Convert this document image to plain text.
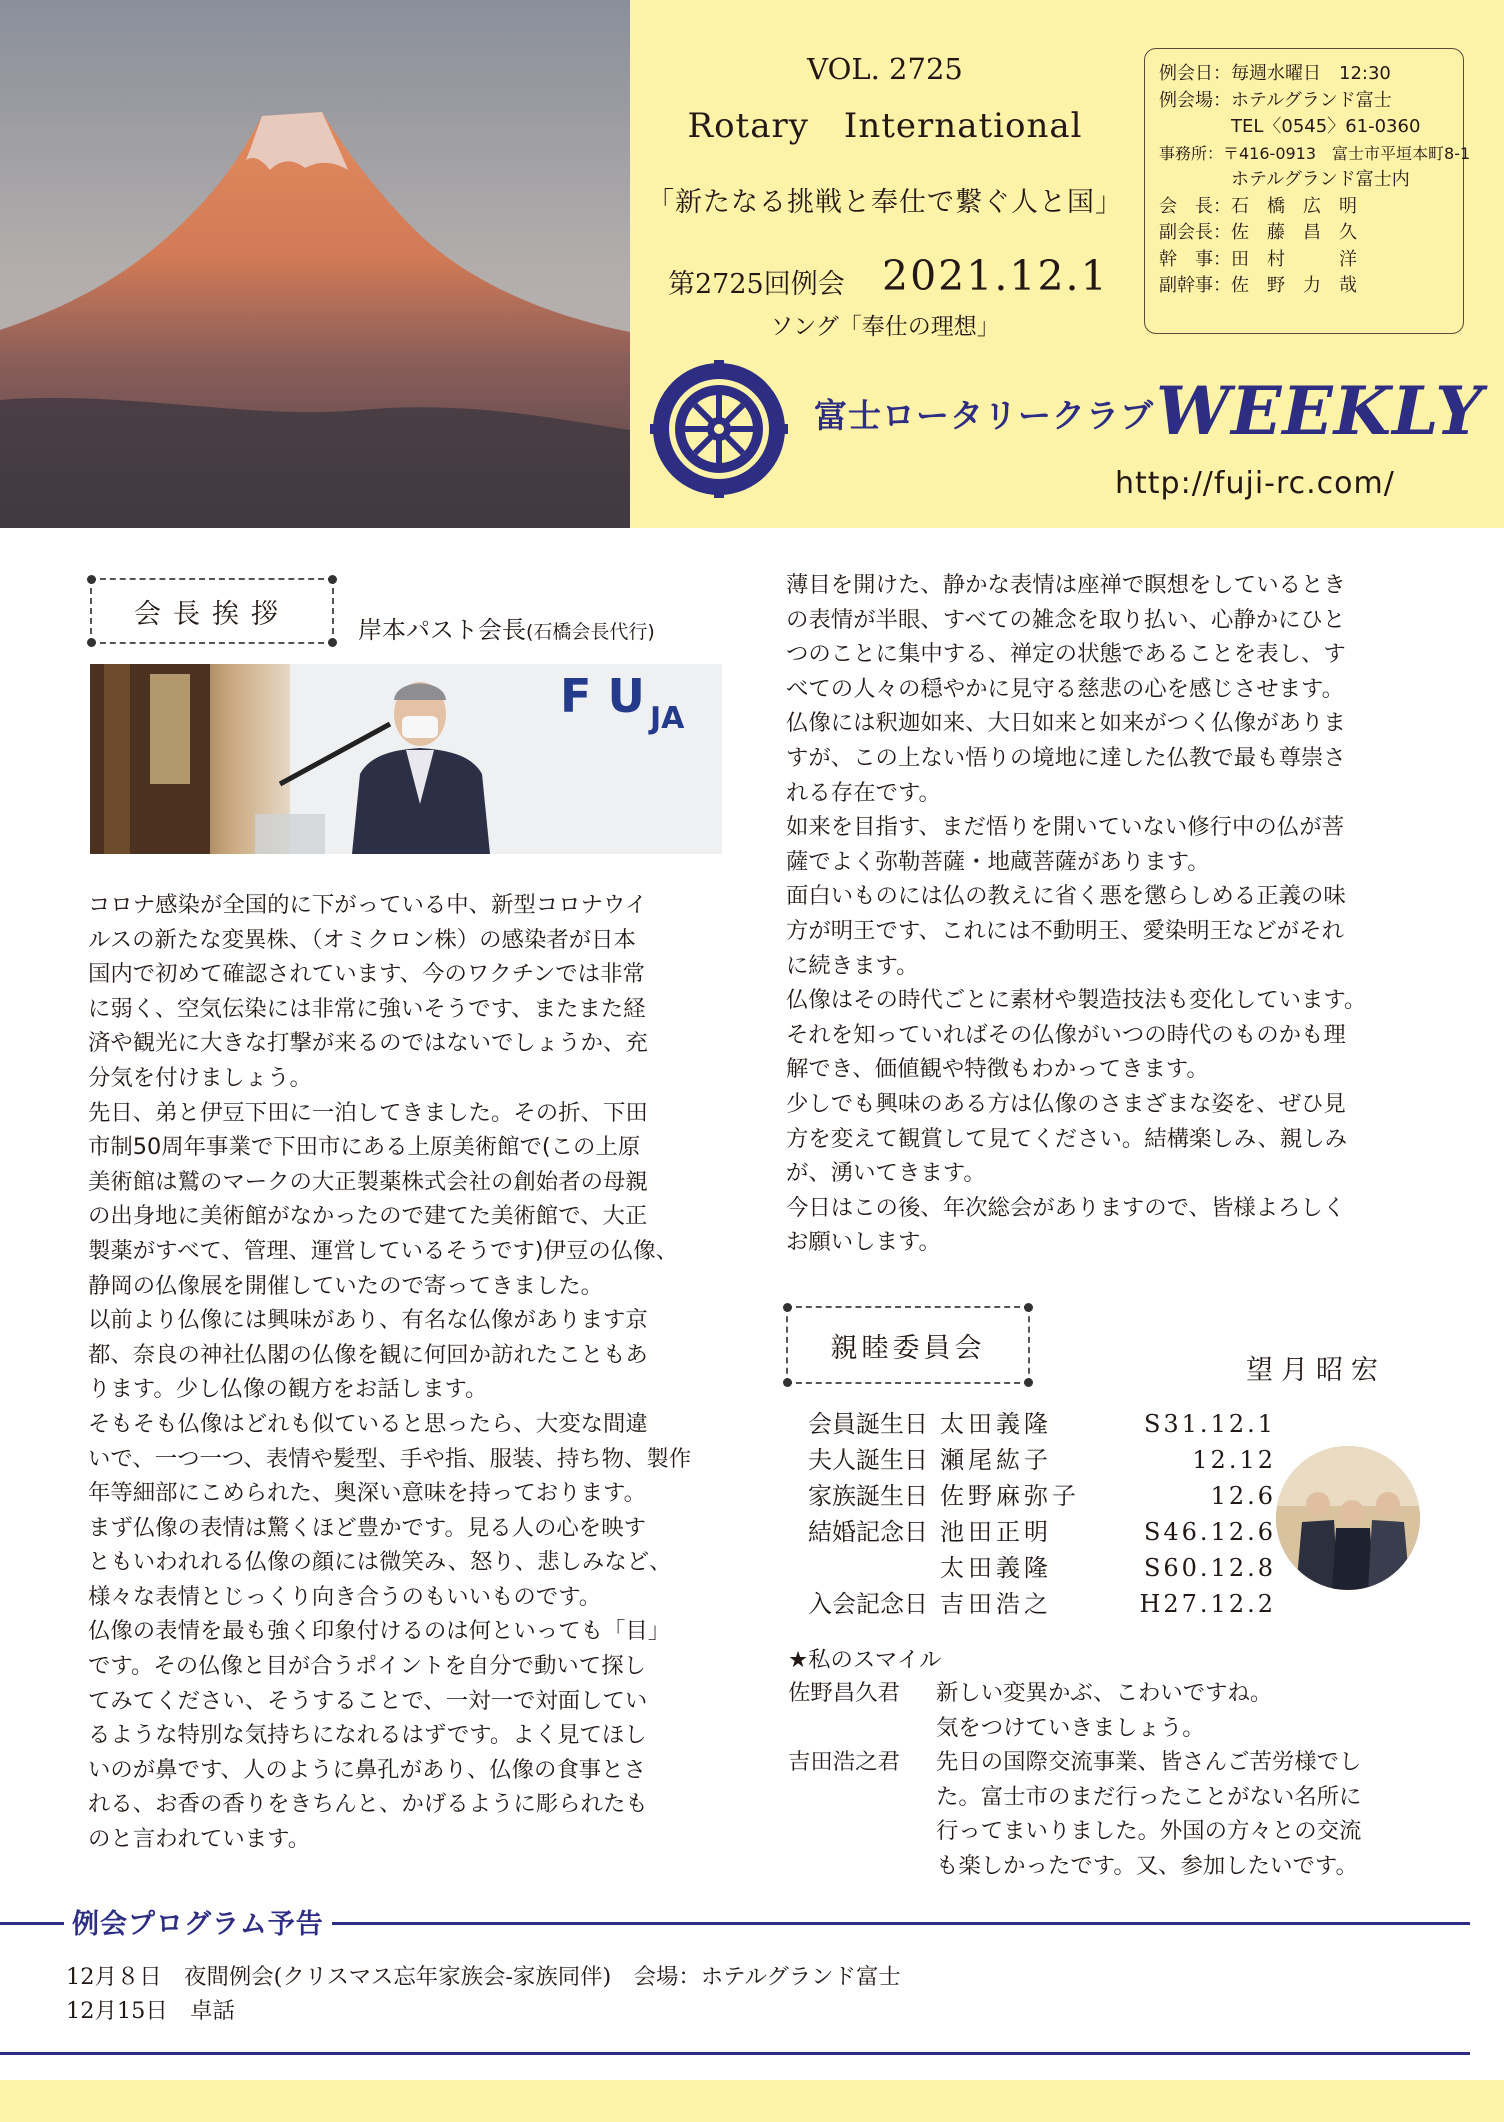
VOL. 2725
Rotary　International
「新たなる挑戦と奉仕で繋ぐ人と国」
第2725回例会 2021.12.1
ソング「奉仕の理想」
例会日：毎週水曜日　12:30
例会場：ホテルグランド富士
　　　　TEL〈0545〉61-0360
事務所：〒416-0913　富士市平垣本町8-1
　　　　ホテルグランド富士内
会　長：石　橋　広　明
副会長：佐　藤　昌　久
幹　事：田　村　　　洋
副幹事：佐　野　力　哉
富士ロータリークラブ WEEKLY
http://fuji-rc.com/
会長挨拶
岸本パスト会長(石橋会長代行)
F U JA

コロナ感染が全国的に下がっている中、新型コロナウイ

ルスの新たな変異株、（オミクロン株）の感染者が日本

国内で初めて確認されています、今のワクチンでは非常

に弱く、空気伝染には非常に強いそうです、またまた経

済や観光に大きな打撃が来るのではないでしょうか、充

分気を付けましょう。

先日、弟と伊豆下田に一泊してきました。その折、下田

市制50周年事業で下田市にある上原美術館で(この上原

美術館は鷲のマークの大正製薬株式会社の創始者の母親

の出身地に美術館がなかったので建てた美術館で、大正

製薬がすべて、管理、運営しているそうです)伊豆の仏像、

静岡の仏像展を開催していたので寄ってきました。

以前より仏像には興味があり、有名な仏像があります京

都、奈良の神社仏閣の仏像を観に何回か訪れたこともあ

ります。少し仏像の観方をお話します。

そもそも仏像はどれも似ていると思ったら、大変な間違

いで、一つ一つ、表情や髪型、手や指、服装、持ち物、製作

年等細部にこめられた、奥深い意味を持っております。

まず仏像の表情は驚くほど豊かです。見る人の心を映す

ともいわれれる仏像の顔には微笑み、怒り、悲しみなど、

様々な表情とじっくり向き合うのもいいものです。

仏像の表情を最も強く印象付けるのは何といっても「目」

です。その仏像と目が合うポイントを自分で動いて探し

てみてください、そうすることで、一対一で対面してい

るような特別な気持ちになれるはずです。よく見てほし

いのが鼻です、人のように鼻孔があり、仏像の食事とさ

れる、お香の香りをきちんと、かげるように彫られたも

のと言われています。

薄目を開けた、静かな表情は座禅で瞑想をしているとき

の表情が半眼、すべての雑念を取り払い、心静かにひと

つのことに集中する、禅定の状態であることを表し、す

べての人々の穏やかに見守る慈悲の心を感じさせます。

仏像には釈迦如来、大日如来と如来がつく仏像がありま

すが、この上ない悟りの境地に達した仏教で最も尊崇さ

れる存在です。

如来を目指す、まだ悟りを開いていない修行中の仏が菩

薩でよく弥勒菩薩・地蔵菩薩があります。

面白いものには仏の教えに省く悪を懲らしめる正義の味

方が明王です、これには不動明王、愛染明王などがそれ

に続きます。

仏像はその時代ごとに素材や製造技法も変化しています。

それを知っていればその仏像がいつの時代のものかも理

解でき、価値観や特徴もわかってきます。

少しでも興味のある方は仏像のさまざまな姿を、ぜひ見

方を変えて観賞して見てください。結構楽しみ、親しみ

が、湧いてきます。

今日はこの後、年次総会がありますので、皆様よろしく

お願いします。

親睦委員会
望月昭宏
会員誕生日 太田義隆	S31.12.1
夫人誕生日 瀬尾紘子	12.12
家族誕生日 佐野麻弥子	12.6
結婚記念日 池田正明	S46.12.6
太田義隆	S60.12.8
入会記念日 吉田浩之	H27.12.2
★私のスマイル
佐野昌久君	新しい変異かぶ、こわいですね。
気をつけていきましょう。
吉田浩之君	先日の国際交流事業、皆さんご苦労様でし
た。富士市のまだ行ったことがない名所に
行ってまいりました。外国の方々との交流
も楽しかったです。又、参加したいです。
例会プログラム予告
12月８日　夜間例会(クリスマス忘年家族会-家族同伴)　会場：ホテルグランド富士
12月15日　卓話
